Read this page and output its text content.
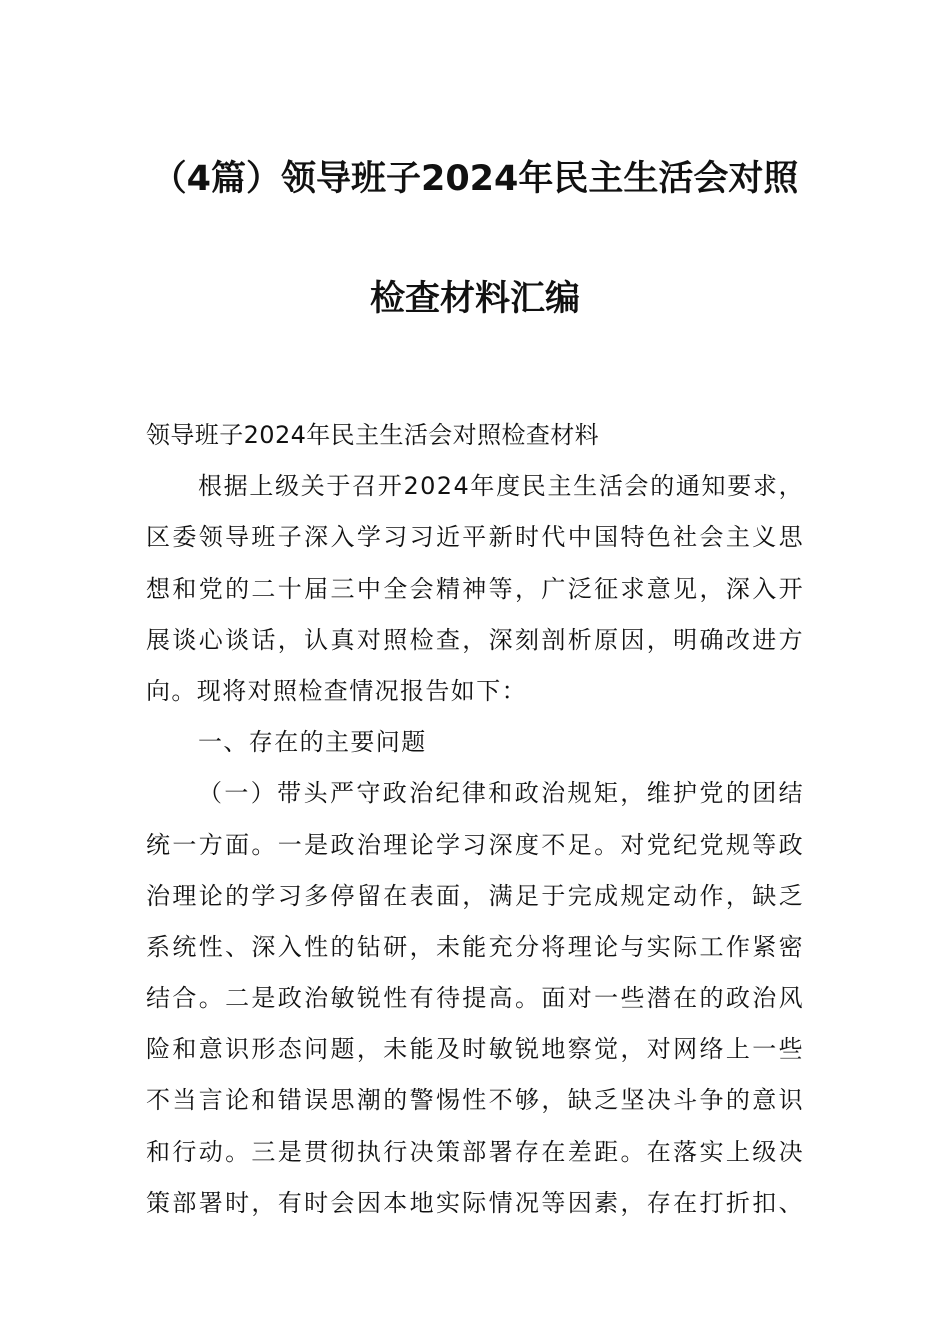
（4篇）领导班子2024年民主生活会对照
检查材料汇编
领导班子2024年民主生活会对照检查材料
根据上级关于召开2024年度民主生活会的通知要求，
区委领导班子深入学习习近平新时代中国特色社会主义思
想和党的二十届三中全会精神等，广泛征求意见，深入开
展谈心谈话，认真对照检查，深刻剖析原因，明确改进方
向。现将对照检查情况报告如下：
一、存在的主要问题
（一）带头严守政治纪律和政治规矩，维护党的团结
统一方面。一是政治理论学习深度不足。对党纪党规等政
治理论的学习多停留在表面，满足于完成规定动作，缺乏
系统性、深入性的钻研，未能充分将理论与实际工作紧密
结合。二是政治敏锐性有待提高。面对一些潜在的政治风
险和意识形态问题，未能及时敏锐地察觉，对网络上一些
不当言论和错误思潮的警惕性不够，缺乏坚决斗争的意识
和行动。三是贯彻执行决策部署存在差距。在落实上级决
策部署时，有时会因本地实际情况等因素，存在打折扣、
